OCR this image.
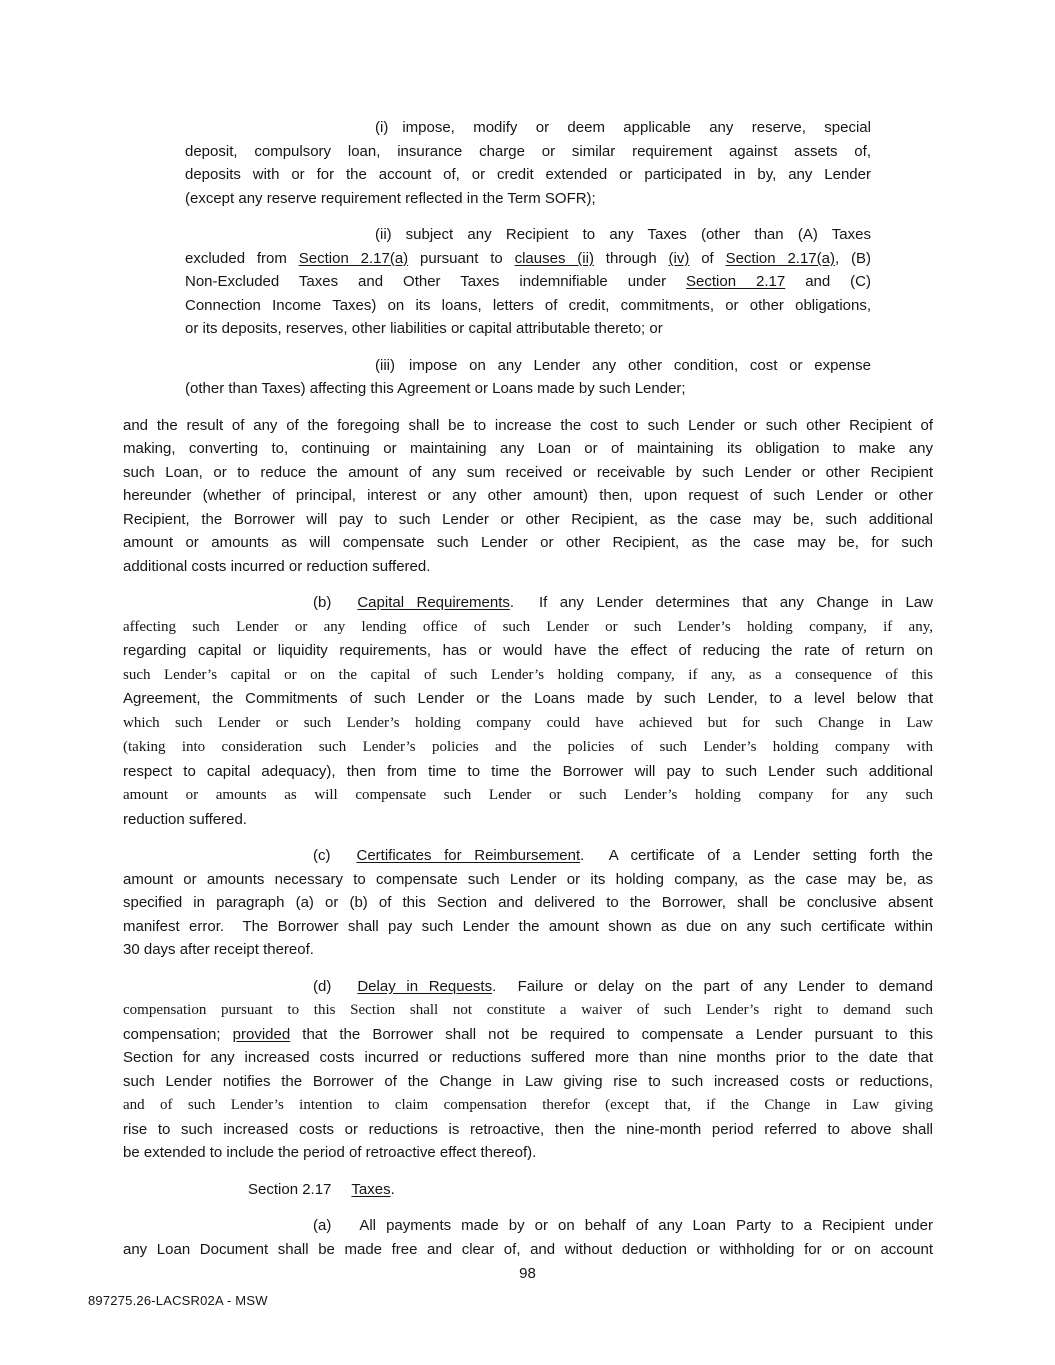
(i) impose, modify or deem applicable any reserve, special
deposit, compulsory loan, insurance charge or similar requirement against assets of,
deposits with or for the account of, or credit extended or participated in by, any Lender
(except any reserve requirement reflected in the Term SOFR);
(ii) subject any Recipient to any Taxes (other than (A) Taxes
excluded from Section 2.17(a) pursuant to clauses (ii) through (iv) of Section 2.17(a), (B)
Non-Excluded Taxes and Other Taxes indemnifiable under Section 2.17 and (C)
Connection Income Taxes) on its loans, letters of credit, commitments, or other obligations,
or its deposits, reserves, other liabilities or capital attributable thereto; or
(iii) impose on any Lender any other condition, cost or expense
(other than Taxes) affecting this Agreement or Loans made by such Lender;
and the result of any of the foregoing shall be to increase the cost to such Lender or such other Recipient of
making, converting to, continuing or maintaining any Loan or of maintaining its obligation to make any
such Loan, or to reduce the amount of any sum received or receivable by such Lender or other Recipient
hereunder (whether of principal, interest or any other amount) then, upon request of such Lender or other
Recipient, the Borrower will pay to such Lender or other Recipient, as the case may be, such additional
amount or amounts as will compensate such Lender or other Recipient, as the case may be, for such
additional costs incurred or reduction suffered.
(b) Capital Requirements.  If any Lender determines that any Change in Law
affecting such Lender or any lending office of such Lender or such Lender’s holding company, if any,
regarding capital or liquidity requirements, has or would have the effect of reducing the rate of return on
such Lender’s capital or on the capital of such Lender’s holding company, if any, as a consequence of this
Agreement, the Commitments of such Lender or the Loans made by such Lender, to a level below that
which such Lender or such Lender’s holding company could have achieved but for such Change in Law
(taking into consideration such Lender’s policies and the policies of such Lender’s holding company with
respect to capital adequacy), then from time to time the Borrower will pay to such Lender such additional
amount or amounts as will compensate such Lender or such Lender’s holding company for any such
reduction suffered.
(c) Certificates for Reimbursement.  A certificate of a Lender setting forth the
amount or amounts necessary to compensate such Lender or its holding company, as the case may be, as
specified in paragraph (a) or (b) of this Section and delivered to the Borrower, shall be conclusive absent
manifest error.  The Borrower shall pay such Lender the amount shown as due on any such certificate within
30 days after receipt thereof.
(d) Delay in Requests.  Failure or delay on the part of any Lender to demand
compensation pursuant to this Section shall not constitute a waiver of such Lender’s right to demand such
compensation; provided that the Borrower shall not be required to compensate a Lender pursuant to this
Section for any increased costs incurred or reductions suffered more than nine months prior to the date that
such Lender notifies the Borrower of the Change in Law giving rise to such increased costs or reductions,
and of such Lender’s intention to claim compensation therefor (except that, if the Change in Law giving
rise to such increased costs or reductions is retroactive, then the nine-month period referred to above shall
be extended to include the period of retroactive effect thereof).
Section 2.17 Taxes.
(a) All payments made by or on behalf of any Loan Party to a Recipient under
any Loan Document shall be made free and clear of, and without deduction or withholding for or on account
98
897275.26-LACSR02A - MSW
